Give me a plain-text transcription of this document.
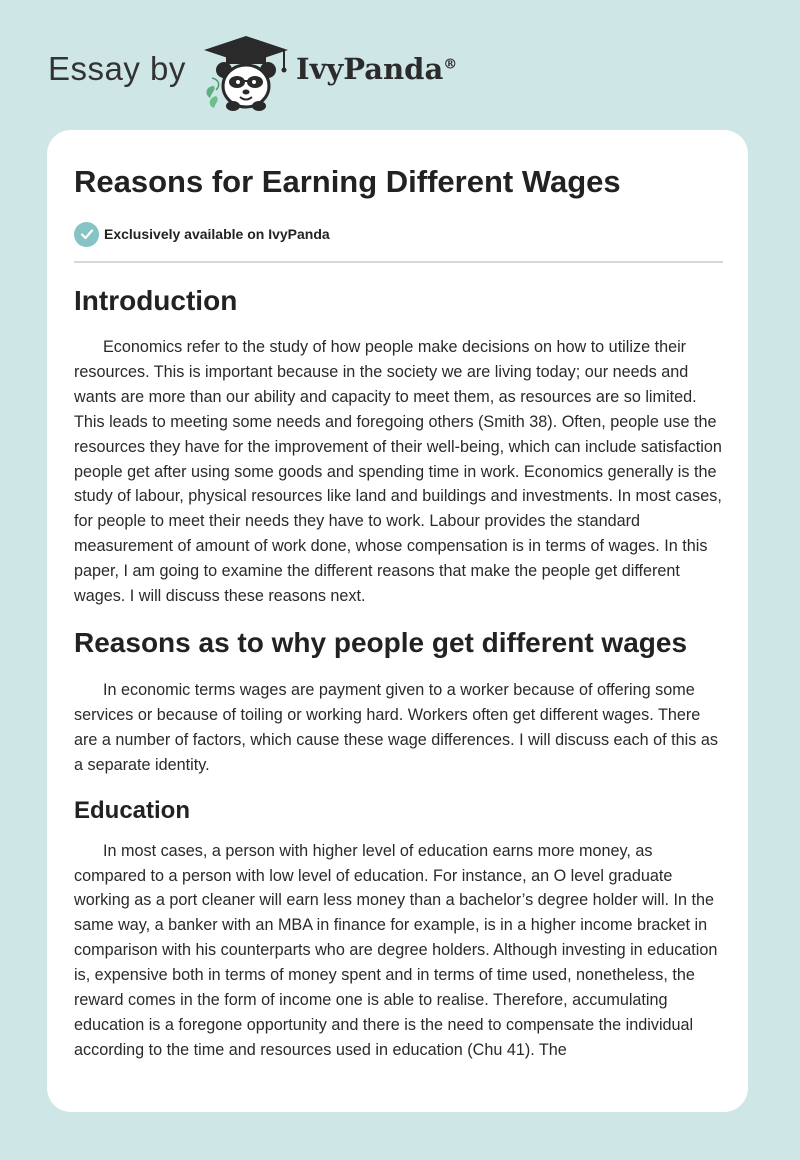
Essay by	IvyPanda®
Reasons for Earning Different Wages
Exclusively available on IvyPanda
Introduction

Economics refer to the study of how people make decisions on how to utilize their resources. This is important because in the society we are living today; our needs and wants are more than our ability and capacity to meet them, as resources are so limited. This leads to meeting some needs and foregoing others (Smith 38). Often, people use the resources they have for the improvement of their well-being, which can include satisfaction people get after using some goods and spending time in work. Economics generally is the study of labour, physical resources like land and buildings and investments. In most cases, for people to meet their needs they have to work. Labour provides the standard measurement of amount of work done, whose compensation is in terms of wages. In this paper, I am going to examine the different reasons that make the people get different wages. I will discuss these reasons next.

Reasons as to why people get different wages

In economic terms wages are payment given to a worker because of offering some services or because of toiling or working hard. Workers often get different wages. There are a number of factors, which cause these wage differences. I will discuss each of this as a separate identity.

Education

In most cases, a person with higher level of education earns more money, as compared to a person with low level of education. For instance, an O level graduate working as a port cleaner will earn less money than a bachelor’s degree holder will. In the same way, a banker with an MBA in finance for example, is in a higher income bracket in comparison with his counterparts who are degree holders. Although investing in education is, expensive both in terms of money spent and in terms of time used, nonetheless, the reward comes in the form of income one is able to realise. Therefore, accumulating education is a foregone opportunity and there is the need to compensate the individual according to the time and resources used in education (Chu 41). The
